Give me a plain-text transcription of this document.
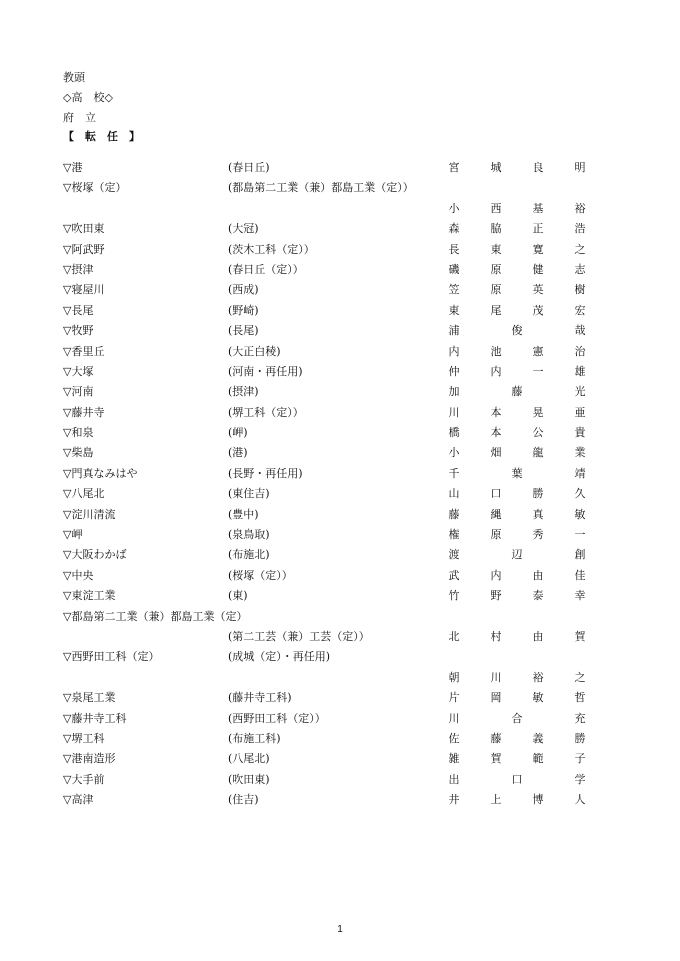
教頭
◇高　校◇
府　立
【　転　任　】
▽港	(春日丘)	宮	城	良	明
▽桜塚（定）	(都島第二工業（兼）都島工業（定））
小	西	基	裕
▽吹田東	(大冠)	森	脇	正	浩
▽阿武野	(茨木工科（定））	長	東	寛	之
▽摂津	(春日丘（定））	磯	原	健	志
▽寝屋川	(西成)	笠	原	英	樹
▽長尾	(野崎)	東	尾	茂	宏
▽牧野	(長尾)	浦	俊	哉
▽香里丘	(大正白稜)	内	池	憲	治
▽大塚	(河南・再任用)	仲	内	一	雄
▽河南	(摂津)	加	藤	光
▽藤井寺	(堺工科（定））	川	本	晃	亜
▽和泉	(岬)	橋	本	公	貴
▽柴島	(港)	小	畑	龍	業
▽門真なみはや	(長野・再任用)	千	葉	靖
▽八尾北	(東住吉)	山	口	勝	久
▽淀川清流	(豊中)	藤	縄	真	敏
▽岬	(泉鳥取)	権	原	秀	一
▽大阪わかば	(布施北)	渡	辺	創
▽中央	(桜塚（定））	武	内	由	佳
▽東淀工業	(東)	竹	野	泰	幸
▽都島第二工業（兼）都島工業（定）
(第二工芸（兼）工芸（定））	北	村	由	賀
▽西野田工科（定）	(成城（定）・再任用)
朝	川	裕	之
▽泉尾工業	(藤井寺工科)	片	岡	敏	哲
▽藤井寺工科	(西野田工科（定））	川	合	充
▽堺工科	(布施工科)	佐	藤	義	勝
▽港南造形	(八尾北)	雑	賀	範	子
▽大手前	(吹田東)	出	口	学
▽高津	(住吉)	井	上	博	人
1
